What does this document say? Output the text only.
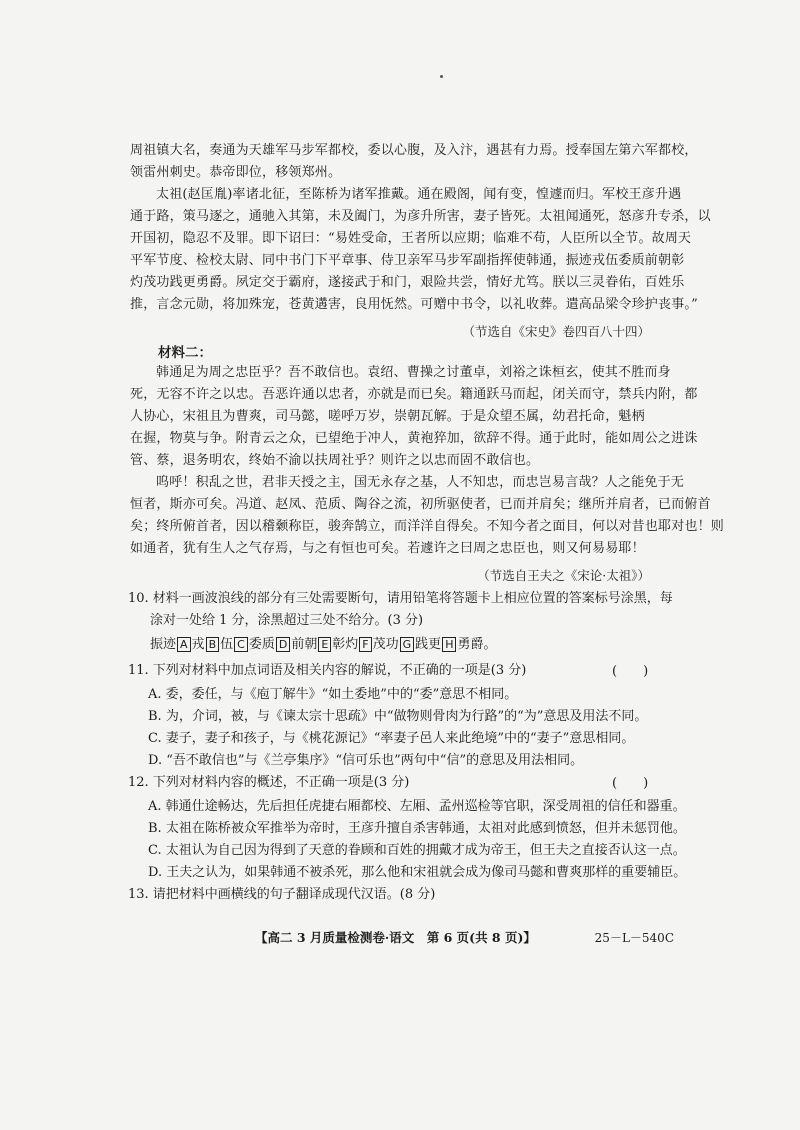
周祖镇大名，奏通为天雄军马步军都校，委以心腹，及入汴，遇甚有力焉。授奉国左第六军都校，
领雷州刺史。恭帝即位，移领郑州。
太祖(赵匡胤)率诸北征，至陈桥为诸军推戴。通在殿阁，闻有变，惶遽而归。军校王彦升遇
通于路，策马逐之，通驰入其第，未及阖门，为彦升所害，妻子皆死。太祖闻通死，怒彦升专杀，以
开国初，隐忍不及罪。即下诏曰：“易姓受命，王者所以应期；临难不苟，人臣所以全节。故周天
平军节度、检校太尉、同中书门下平章事、侍卫亲军马步军副指挥使韩通，振迹戎伍委质前朝彰
灼茂功践更勇爵。夙定交于霸府，遂接武于和门，艰险共尝，情好尤笃。朕以三灵眷佑，百姓乐
推，言念元勋，将加殊宠，苍黄遘害，良用怃然。可赠中书令，以礼收葬。遣高品梁令珍护丧事。”
（节选自《宋史》卷四百八十四）
材料二：
韩通足为周之忠臣乎？吾不敢信也。袁绍、曹操之讨董卓，刘裕之诛桓玄，使其不胜而身
死，无容不许之以忠。吾恶许通以忠者，亦就是而已矣。籍通跃马而起，闭关而守，禁兵内附，都
人协心，宋祖且为曹爽，司马懿，嗟呼万岁，崇朝瓦解。于是众望丕属，幼君托命，魁柄
在握，物莫与争。附青云之众，已望绝于冲人，黄袍猝加，欲辞不得。通于此时，能如周公之进诛
管、蔡，退务明农，终始不渝以扶周社乎？则许之以忠而固不敢信也。
呜呼！积乱之世，君非天授之主，国无永存之基，人不知忠，而忠岂易言哉？人之能免于无
恒者，斯亦可矣。冯道、赵凤、范质、陶谷之流，初所驱使者，已而并肩矣；继所并肩者，已而俯首
矣；终所俯首者，因以稽颡称臣，骏奔鹄立，而洋洋自得矣。不知今者之面目，何以对昔也耶对也！则
如通者，犹有生人之气存焉，与之有恒也可矣。若遽许之曰周之忠臣也，则又何易易耶！
（节选自王夫之《宋论·太祖》）
10. 材料一画波浪线的部分有三处需要断句，请用铅笔将答题卡上相应位置的答案标号涂黑，每
涂对一处给 1 分，涂黑超过三处不给分。(3 分)
振迹 A 戎 B 伍 C 委质 D 前朝 E 彰灼 F 茂功 G 践更 H 勇爵。
11. 下列对材料中加点词语及相关内容的解说，不正确的一项是(3 分)	(　　)
A. 委，委任，与《庖丁解牛》“如土委地”中的“委”意思不相同。
B. 为，介词，被，与《谏太宗十思疏》中“做物则骨肉为行路”的“为”意思及用法不同。
C. 妻子，妻子和孩子，与《桃花源记》“率妻子邑人来此绝境”中的“妻子”意思相同。
D. “吾不敢信也”与《兰亭集序》“信可乐也”两句中“信”的意思及用法相同。
12. 下列对材料内容的概述，不正确一项是(3 分)	(　　)
A. 韩通仕途畅达，先后担任虎捷右厢都校、左厢、孟州巡检等官职，深受周祖的信任和器重。
B. 太祖在陈桥被众军推举为帝时，王彦升擅自杀害韩通，太祖对此感到愤怒，但并未惩罚他。
C. 太祖认为自己因为得到了天意的眷顾和百姓的拥戴才成为帝王，但王夫之直接否认这一点。
D. 王夫之认为，如果韩通不被杀死，那么他和宋祖就会成为像司马懿和曹爽那样的重要辅臣。
13. 请把材料中画横线的句子翻译成现代汉语。(8 分)
【高二 3 月质量检测卷·语文　第 6 页(共 8 页)】	25－L－540C
